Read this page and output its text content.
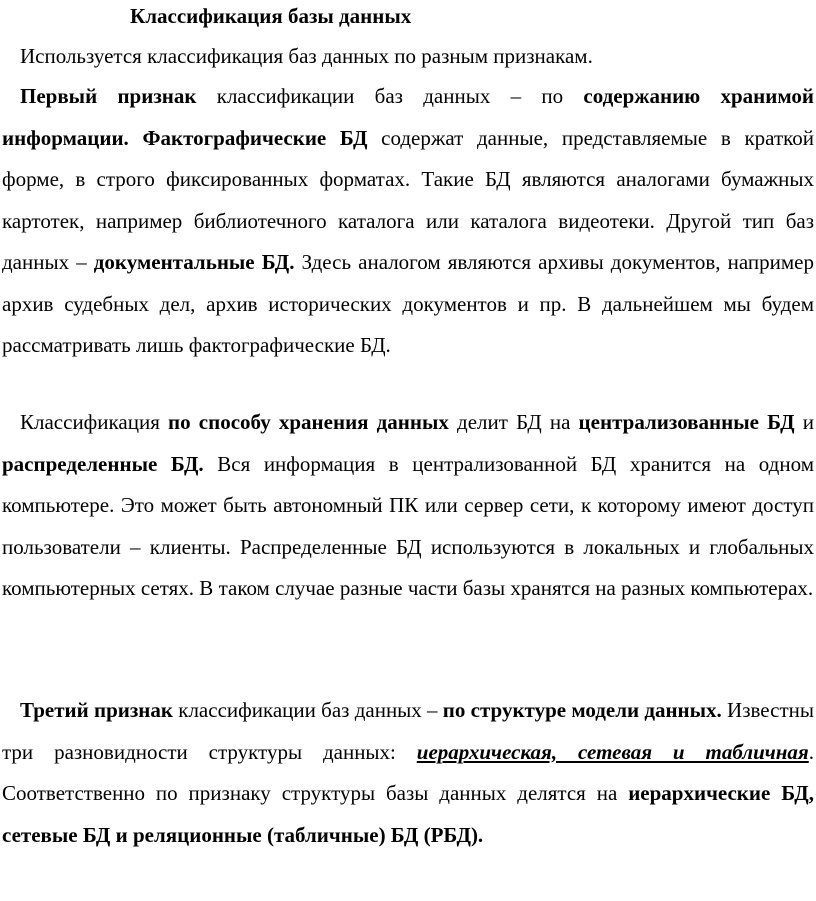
Классификация базы данных
Используется классификация баз данных по разным признакам.

Первый признак классификации баз данных – по содержанию хранимой информации. Фактографические БД содержат данные, представляемые в краткой форме, в строго фиксированных форматах. Такие БД являются аналогами бумажных картотек, например библиотечного каталога или каталога видеотеки. Другой тип баз данных – документальные БД. Здесь аналогом являются архивы документов, например архив судебных дел, архив исторических документов и пр. В дальнейшем мы будем рассматривать лишь фактографические БД.

Классификация по способу хранения данных делит БД на централизованные БД и распределенные БД. Вся информация в централизованной БД хранится на одном компьютере. Это может быть автономный ПК или сервер сети, к которому имеют доступ пользователи – клиенты. Распределенные БД используются в локальных и глобальных компьютерных сетях. В таком случае разные части базы хранятся на разных компьютерах.

Третий признак классификации баз данных – по структуре модели данных. Известны три разновидности структуры данных: иерархическая, сетевая и табличная. Соответственно по признаку структуры базы данных делятся на иерархические БД, сетевые БД и реляционные (табличные) БД (РБД).
